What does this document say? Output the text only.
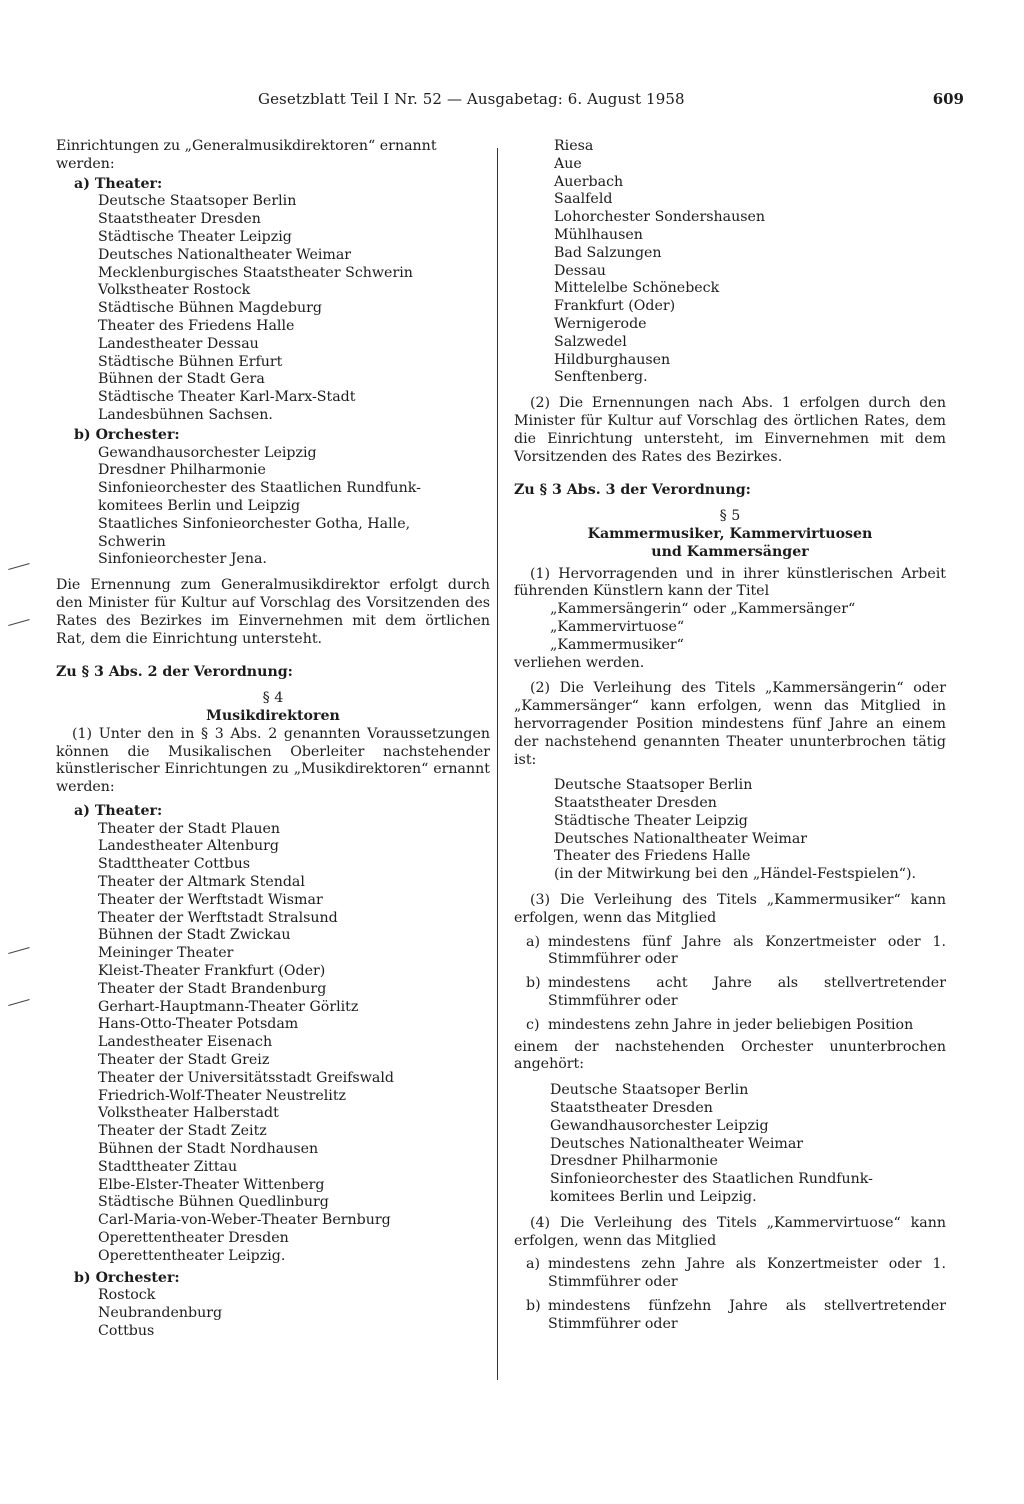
Gesetzblatt Teil I Nr. 52 — Ausgabetag: 6. August 1958	609
Einrichtungen zu „Generalmusikdirektoren“ ernannt
werden:
a) Theater:
Deutsche Staatsoper Berlin
Staatstheater Dresden
Städtische Theater Leipzig
Deutsches Nationaltheater Weimar
Mecklenburgisches Staatstheater Schwerin
Volkstheater Rostock
Städtische Bühnen Magdeburg
Theater des Friedens Halle
Landestheater Dessau
Städtische Bühnen Erfurt
Bühnen der Stadt Gera
Städtische Theater Karl-Marx-Stadt
Landesbühnen Sachsen.
b) Orchester:
Gewandhausorchester Leipzig
Dresdner Philharmonie
Sinfonieorchester des Staatlichen Rundfunk-
komitees Berlin und Leipzig
Staatliches Sinfonieorchester Gotha, Halle,
Schwerin
Sinfonieorchester Jena.
Die Ernennung zum Generalmusikdirektor erfolgt durch den Minister für Kultur auf Vorschlag des Vorsitzenden des Rates des Bezirkes im Einvernehmen mit dem örtlichen Rat, dem die Einrichtung untersteht.
Zu § 3 Abs. 2 der Verordnung:
§ 4
Musikdirektoren
(1) Unter den in § 3 Abs. 2 genannten Voraussetzungen können die Musikalischen Oberleiter nachstehender künstlerischer Einrichtungen zu „Musikdirektoren“ ernannt werden:
a) Theater:
Theater der Stadt Plauen
Landestheater Altenburg
Stadttheater Cottbus
Theater der Altmark Stendal
Theater der Werftstadt Wismar
Theater der Werftstadt Stralsund
Bühnen der Stadt Zwickau
Meininger Theater
Kleist-Theater Frankfurt (Oder)
Theater der Stadt Brandenburg
Gerhart-Hauptmann-Theater Görlitz
Hans-Otto-Theater Potsdam
Landestheater Eisenach
Theater der Stadt Greiz
Theater der Universitätsstadt Greifswald
Friedrich-Wolf-Theater Neustrelitz
Volkstheater Halberstadt
Theater der Stadt Zeitz
Bühnen der Stadt Nordhausen
Stadttheater Zittau
Elbe-Elster-Theater Wittenberg
Städtische Bühnen Quedlinburg
Carl-Maria-von-Weber-Theater Bernburg
Operettentheater Dresden
Operettentheater Leipzig.
b) Orchester:
Rostock
Neubrandenburg
Cottbus
Riesa
Aue
Auerbach
Saalfeld
Lohorchester Sondershausen
Mühlhausen
Bad Salzungen
Dessau
Mittelelbe Schönebeck
Frankfurt (Oder)
Wernigerode
Salzwedel
Hildburghausen
Senftenberg.
(2) Die Ernennungen nach Abs. 1 erfolgen durch den Minister für Kultur auf Vorschlag des örtlichen Rates, dem die Einrichtung untersteht, im Einvernehmen mit dem Vorsitzenden des Rates des Bezirkes.
Zu § 3 Abs. 3 der Verordnung:
§ 5
Kammermusiker, Kammervirtuosen
und Kammersänger
(1) Hervorragenden und in ihrer künstlerischen Arbeit führenden Künstlern kann der Titel
„Kammersängerin“ oder „Kammersänger“
„Kammervirtuose“
„Kammermusiker“
verliehen werden.
(2) Die Verleihung des Titels „Kammersängerin“ oder „Kammersänger“ kann erfolgen, wenn das Mitglied in hervorragender Position mindestens fünf Jahre an einem der nachstehend genannten Theater ununterbrochen tätig ist:
Deutsche Staatsoper Berlin
Staatstheater Dresden
Städtische Theater Leipzig
Deutsches Nationaltheater Weimar
Theater des Friedens Halle
(in der Mitwirkung bei den „Händel-Festspielen“).
(3) Die Verleihung des Titels „Kammermusiker“ kann erfolgen, wenn das Mitglied
a) mindestens fünf Jahre als Konzertmeister oder 1. Stimmführer oder
b) mindestens acht Jahre als stellvertretender Stimmführer oder
c) mindestens zehn Jahre in jeder beliebigen Position
einem der nachstehenden Orchester ununterbrochen angehört:
Deutsche Staatsoper Berlin
Staatstheater Dresden
Gewandhausorchester Leipzig
Deutsches Nationaltheater Weimar
Dresdner Philharmonie
Sinfonieorchester des Staatlichen Rundfunk-
komitees Berlin und Leipzig.
(4) Die Verleihung des Titels „Kammervirtuose“ kann erfolgen, wenn das Mitglied
a) mindestens zehn Jahre als Konzertmeister oder 1. Stimmführer oder
b) mindestens fünfzehn Jahre als stellvertretender Stimmführer oder
